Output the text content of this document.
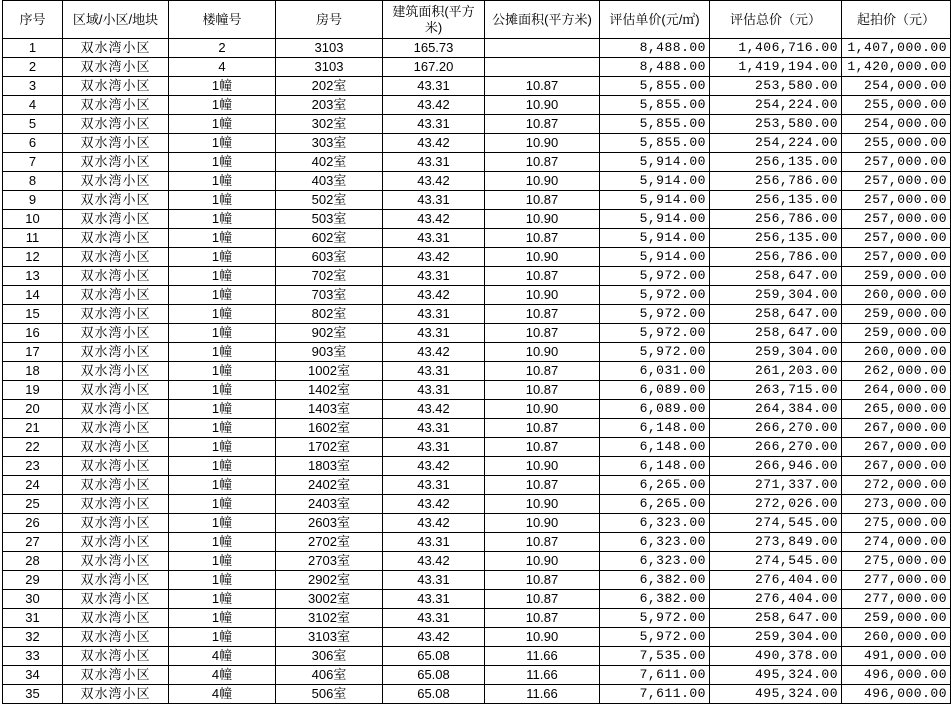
序号	区域/小区/地块	楼幢号	房号	建筑面积(平方米)	公摊面积(平方米)	评估单价(元/㎡)	评估总价（元）	起拍价（元）
1	双水湾小区	2	3103	165.73		8,488.00	1,406,716.00	1,407,000.00
2	双水湾小区	4	3103	167.20		8,488.00	1,419,194.00	1,420,000.00
3	双水湾小区	1幢	202室	43.31	10.87	5,855.00	253,580.00	254,000.00
4	双水湾小区	1幢	203室	43.42	10.90	5,855.00	254,224.00	255,000.00
5	双水湾小区	1幢	302室	43.31	10.87	5,855.00	253,580.00	254,000.00
6	双水湾小区	1幢	303室	43.42	10.90	5,855.00	254,224.00	255,000.00
7	双水湾小区	1幢	402室	43.31	10.87	5,914.00	256,135.00	257,000.00
8	双水湾小区	1幢	403室	43.42	10.90	5,914.00	256,786.00	257,000.00
9	双水湾小区	1幢	502室	43.31	10.87	5,914.00	256,135.00	257,000.00
10	双水湾小区	1幢	503室	43.42	10.90	5,914.00	256,786.00	257,000.00
11	双水湾小区	1幢	602室	43.31	10.87	5,914.00	256,135.00	257,000.00
12	双水湾小区	1幢	603室	43.42	10.90	5,914.00	256,786.00	257,000.00
13	双水湾小区	1幢	702室	43.31	10.87	5,972.00	258,647.00	259,000.00
14	双水湾小区	1幢	703室	43.42	10.90	5,972.00	259,304.00	260,000.00
15	双水湾小区	1幢	802室	43.31	10.87	5,972.00	258,647.00	259,000.00
16	双水湾小区	1幢	902室	43.31	10.87	5,972.00	258,647.00	259,000.00
17	双水湾小区	1幢	903室	43.42	10.90	5,972.00	259,304.00	260,000.00
18	双水湾小区	1幢	1002室	43.31	10.87	6,031.00	261,203.00	262,000.00
19	双水湾小区	1幢	1402室	43.31	10.87	6,089.00	263,715.00	264,000.00
20	双水湾小区	1幢	1403室	43.42	10.90	6,089.00	264,384.00	265,000.00
21	双水湾小区	1幢	1602室	43.31	10.87	6,148.00	266,270.00	267,000.00
22	双水湾小区	1幢	1702室	43.31	10.87	6,148.00	266,270.00	267,000.00
23	双水湾小区	1幢	1803室	43.42	10.90	6,148.00	266,946.00	267,000.00
24	双水湾小区	1幢	2402室	43.31	10.87	6,265.00	271,337.00	272,000.00
25	双水湾小区	1幢	2403室	43.42	10.90	6,265.00	272,026.00	273,000.00
26	双水湾小区	1幢	2603室	43.42	10.90	6,323.00	274,545.00	275,000.00
27	双水湾小区	1幢	2702室	43.31	10.87	6,323.00	273,849.00	274,000.00
28	双水湾小区	1幢	2703室	43.42	10.90	6,323.00	274,545.00	275,000.00
29	双水湾小区	1幢	2902室	43.31	10.87	6,382.00	276,404.00	277,000.00
30	双水湾小区	1幢	3002室	43.31	10.87	6,382.00	276,404.00	277,000.00
31	双水湾小区	1幢	3102室	43.31	10.87	5,972.00	258,647.00	259,000.00
32	双水湾小区	1幢	3103室	43.42	10.90	5,972.00	259,304.00	260,000.00
33	双水湾小区	4幢	306室	65.08	11.66	7,535.00	490,378.00	491,000.00
34	双水湾小区	4幢	406室	65.08	11.66	7,611.00	495,324.00	496,000.00
35	双水湾小区	4幢	506室	65.08	11.66	7,611.00	495,324.00	496,000.00
